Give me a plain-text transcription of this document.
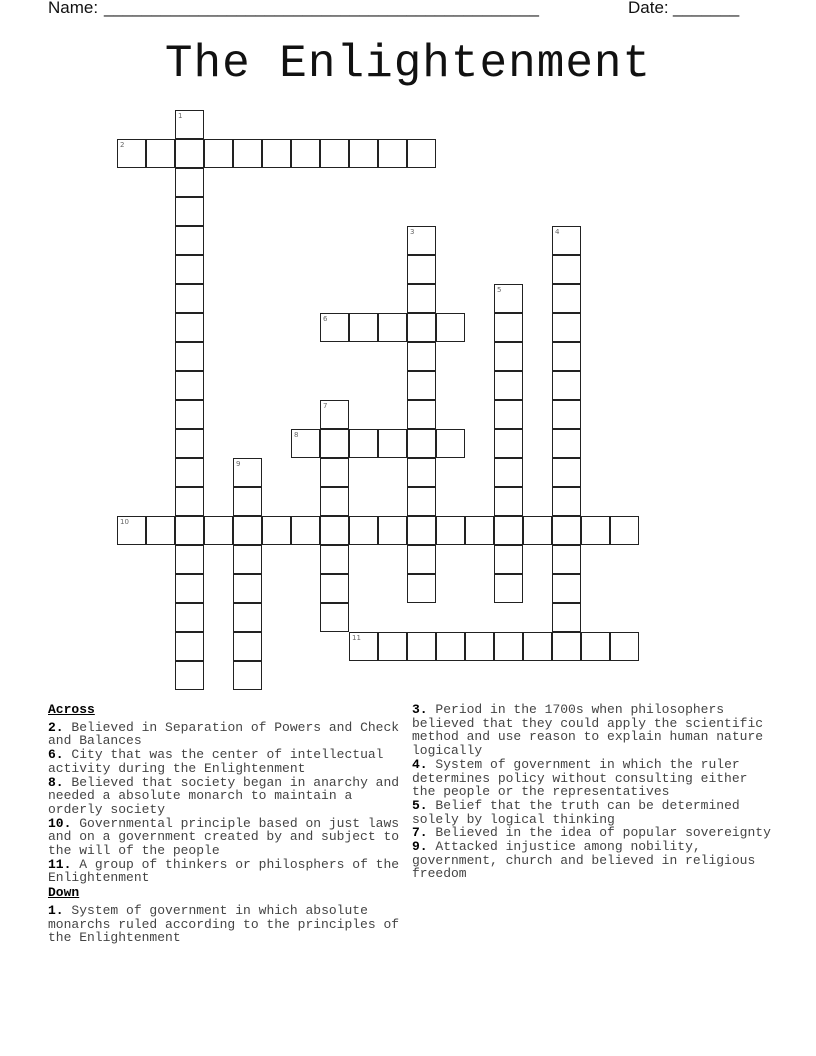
Name: ______________________________________________	Date: _______
The Enlightenment
1
2
3	4
5
6
7
8
9
10
11
Across
2. Believed in Separation of Powers and Check and Balances
6. City that was the center of intellectual activity during the Enlightenment
8. Believed that society began in anarchy and needed a absolute monarch to maintain a orderly society
10. Governmental principle based on just laws and on a government created by and subject to the will of the people
11. A group of thinkers or philosphers of the Enlightenment
Down
1. System of government in which absolute monarchs ruled according to the principles of the Enlightenment
3. Period in the 1700s when philosophers believed that they could apply the scientific method and use reason to explain human nature logically
4. System of government in which the ruler determines policy without consulting either the people or the representatives
5. Belief that the truth can be determined solely by logical thinking
7. Believed in the idea of popular sovereignty
9. Attacked injustice among nobility, government, church and believed in religious freedom
